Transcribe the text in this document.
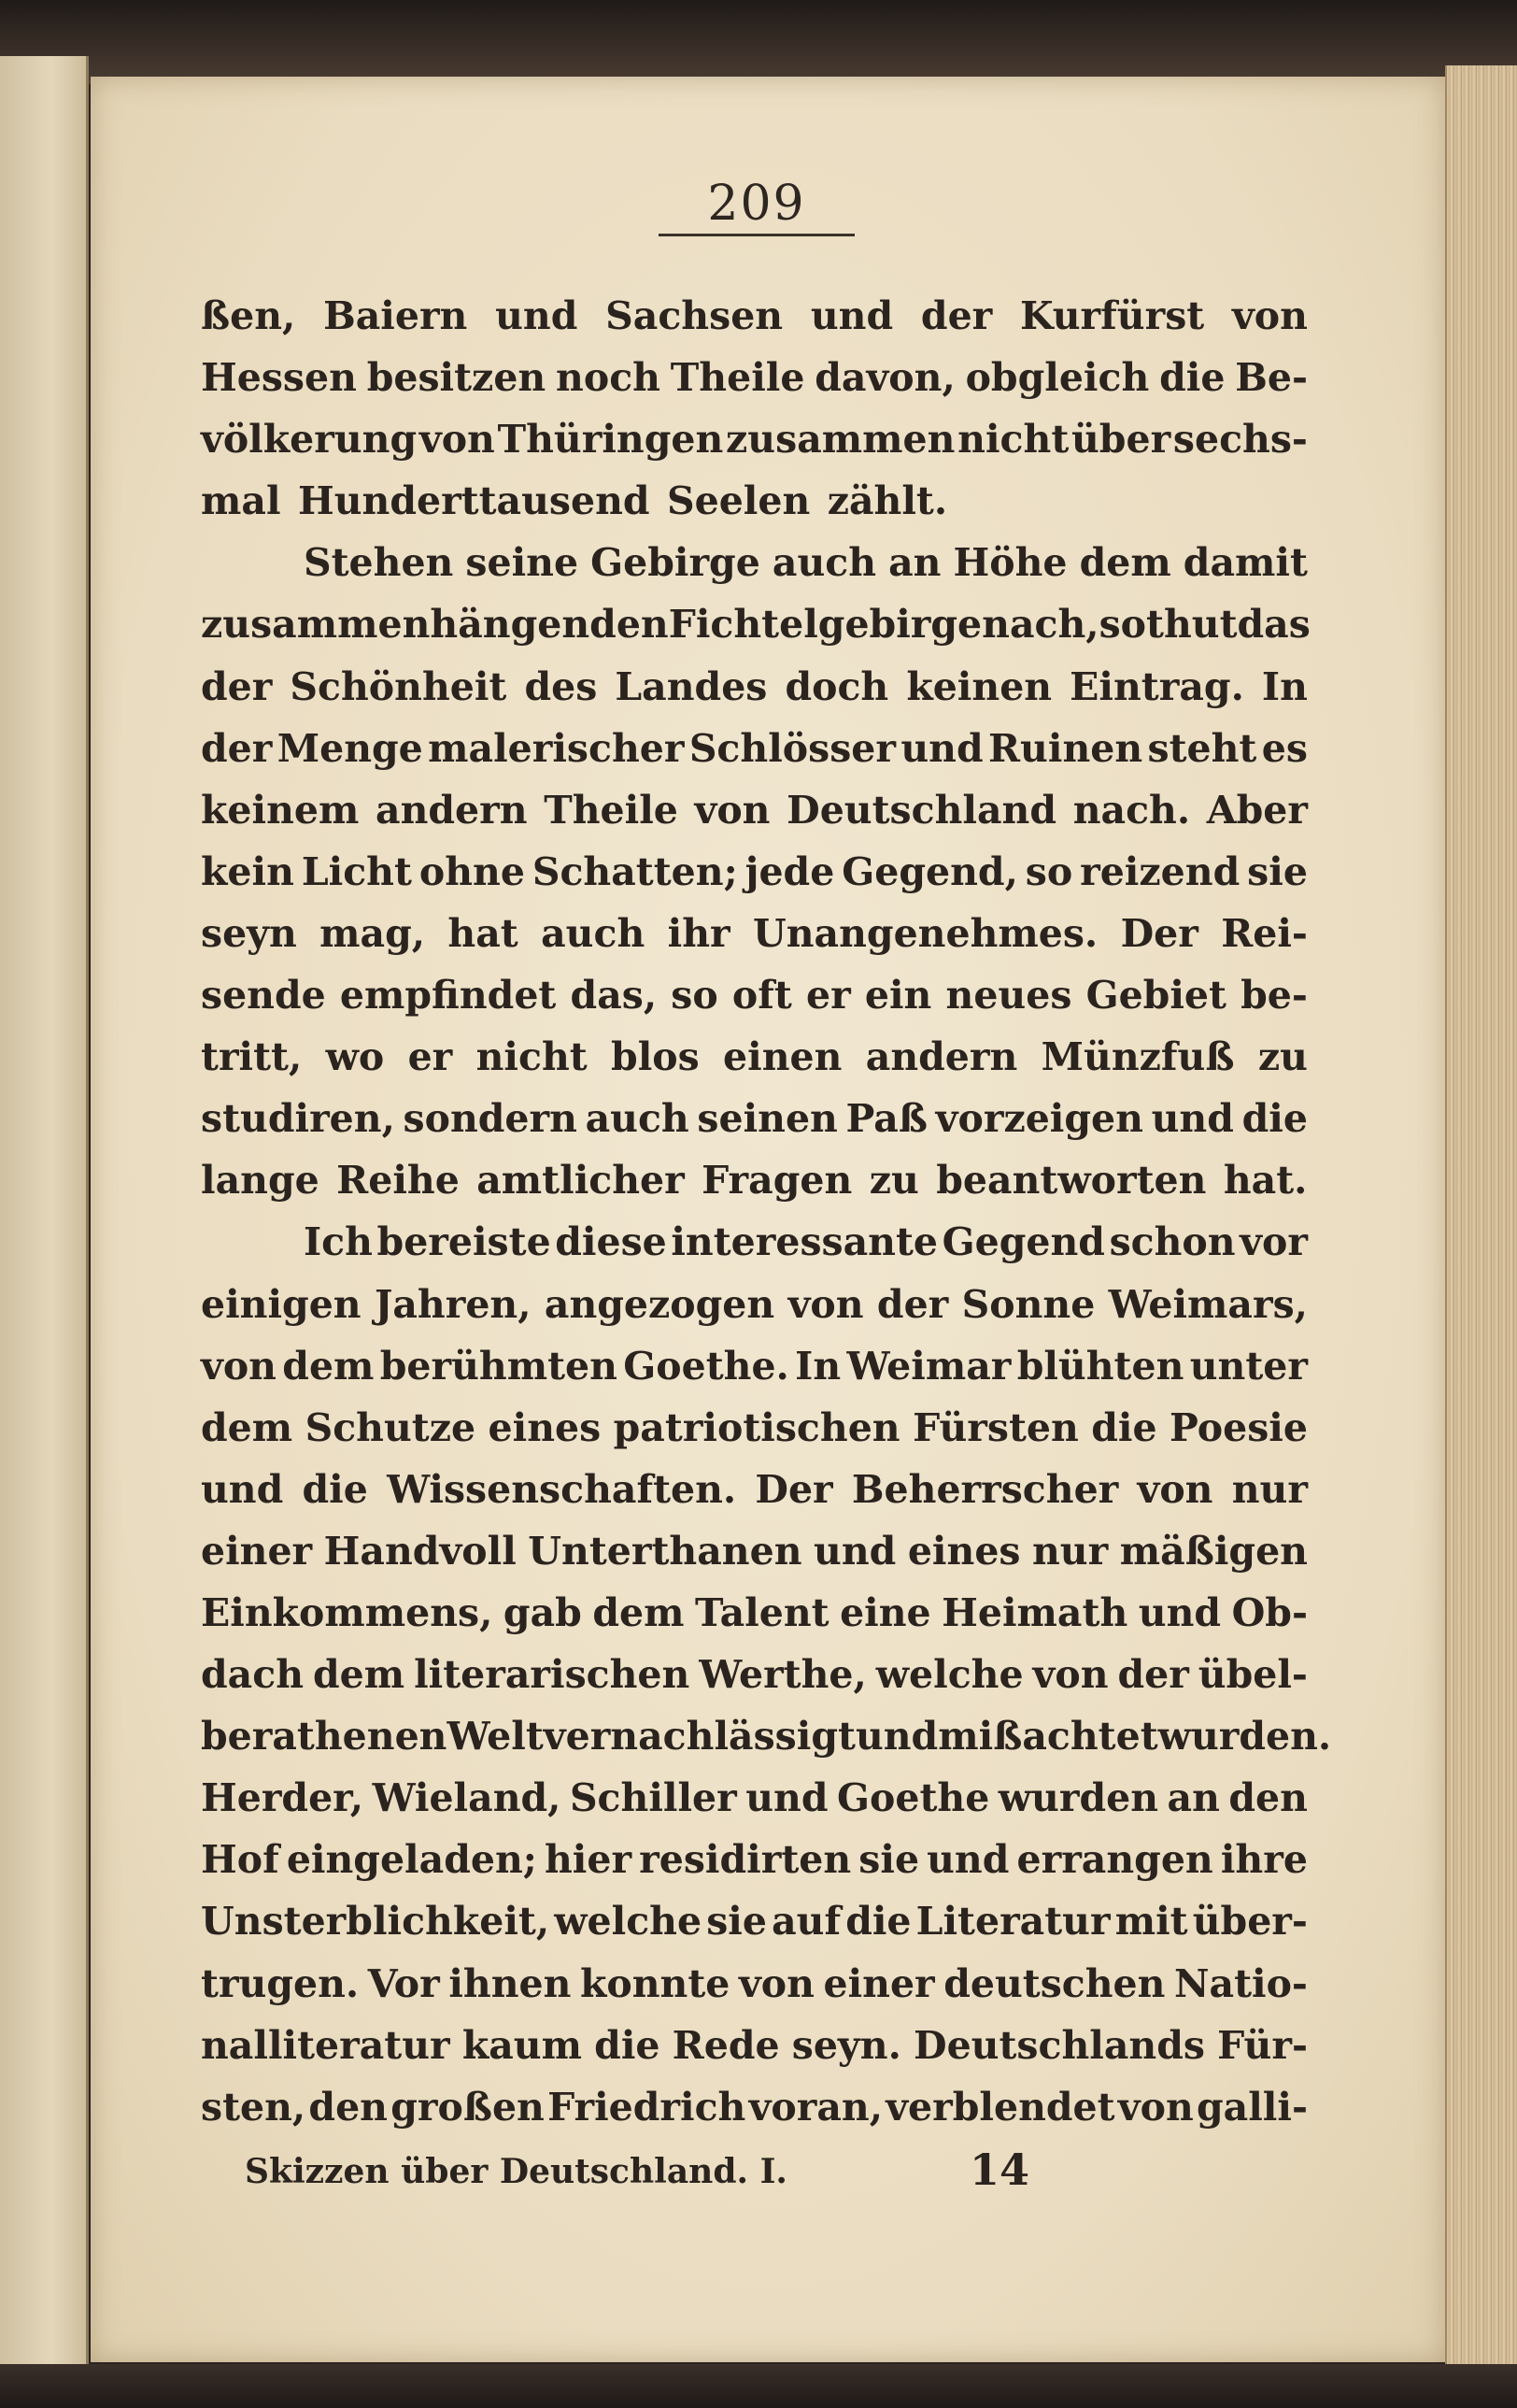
209
ßen, Baiern und Sachsen und der Kurfürst von
Hessen besitzen noch Theile davon, obgleich die Be-
völkerung von Thüringen zusammen nicht über sechs-
mal Hunderttausend Seelen zählt.
Stehen seine Gebirge auch an Höhe dem damit
zusammenhängenden Fichtelgebirge nach, so thut das
der Schönheit des Landes doch keinen Eintrag. In
der Menge malerischer Schlösser und Ruinen steht es
keinem andern Theile von Deutschland nach. Aber
kein Licht ohne Schatten; jede Gegend, so reizend sie
seyn mag, hat auch ihr Unangenehmes. Der Rei-
sende empfindet das, so oft er ein neues Gebiet be-
tritt, wo er nicht blos einen andern Münzfuß zu
studiren, sondern auch seinen Paß vorzeigen und die
lange Reihe amtlicher Fragen zu beantworten hat.
Ich bereiste diese interessante Gegend schon vor
einigen Jahren, angezogen von der Sonne Weimars,
von dem berühmten Goethe. In Weimar blühten unter
dem Schutze eines patriotischen Fürsten die Poesie
und die Wissenschaften. Der Beherrscher von nur
einer Handvoll Unterthanen und eines nur mäßigen
Einkommens, gab dem Talent eine Heimath und Ob-
dach dem literarischen Werthe, welche von der übel-
berathenen Welt vernachlässigt und mißachtet wurden.
Herder, Wieland, Schiller und Goethe wurden an den
Hof eingeladen; hier residirten sie und errangen ihre
Unsterblichkeit, welche sie auf die Literatur mit über-
trugen. Vor ihnen konnte von einer deutschen Natio-
nalliteratur kaum die Rede seyn. Deutschlands Für-
sten, den großen Friedrich voran, verblendet von galli-
Skizzen über Deutschland. I.	14
